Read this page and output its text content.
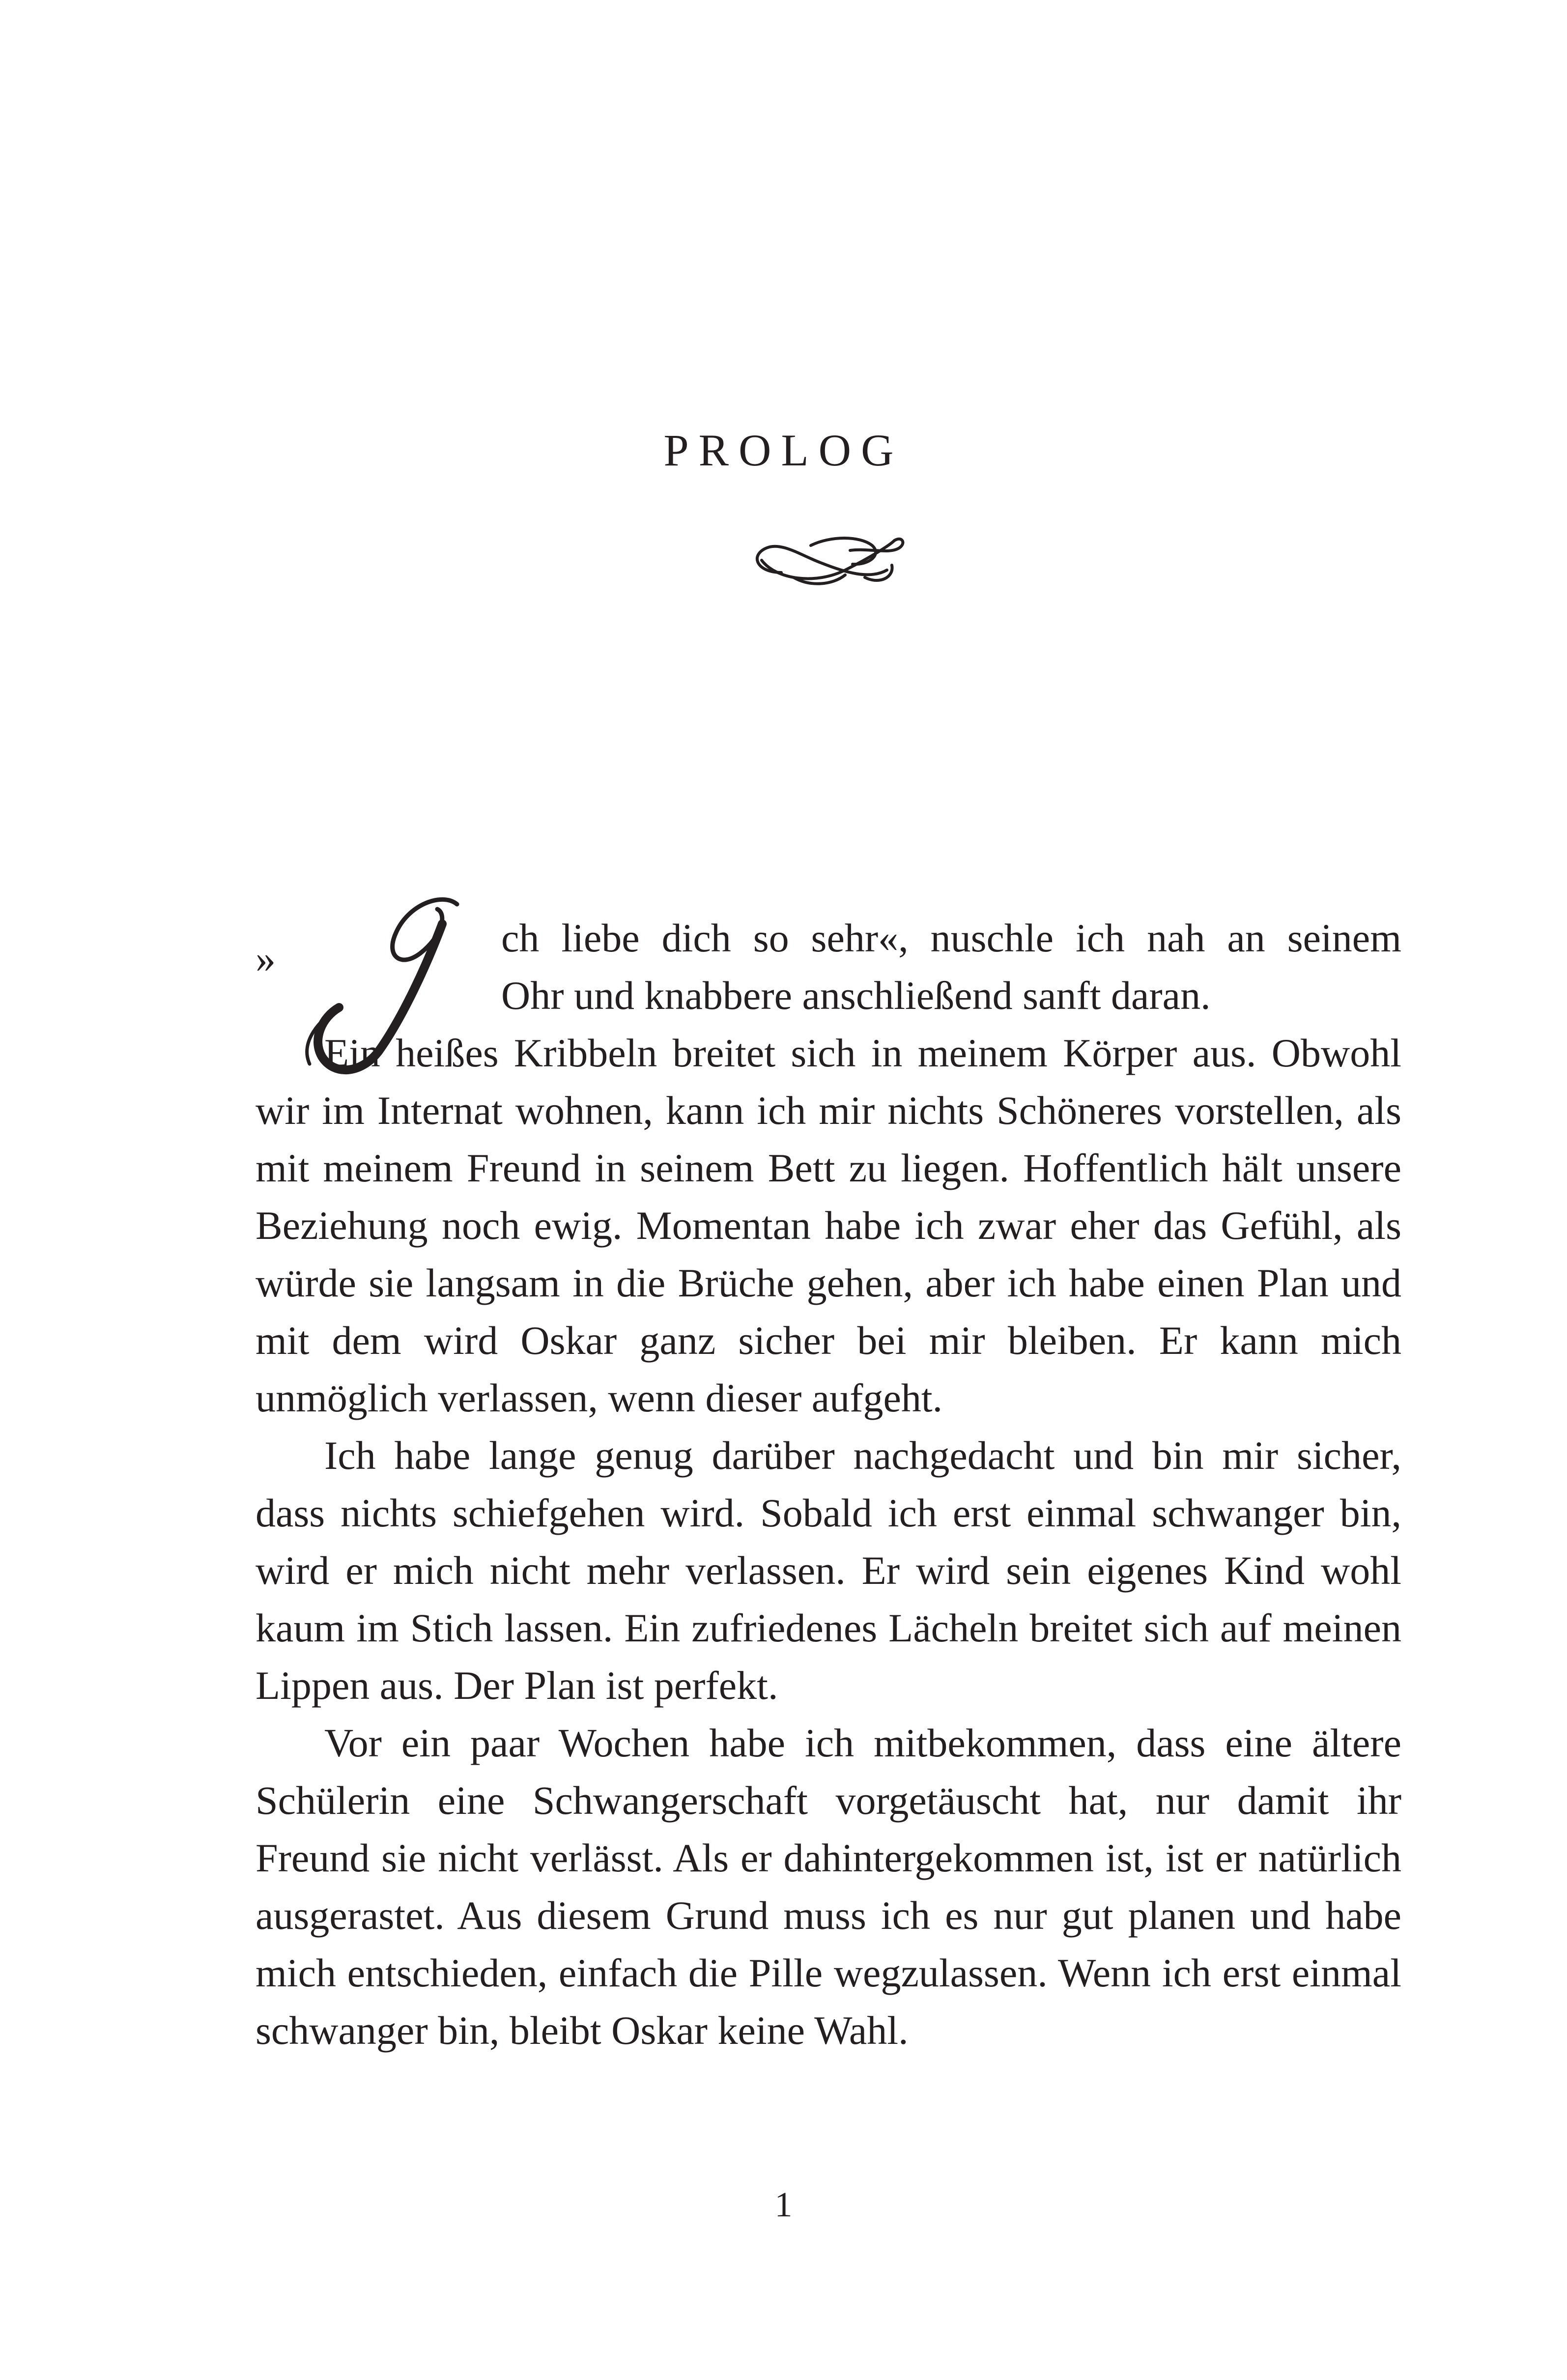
PROLOG
»	ch liebe dich so sehr«, nuschle ich nah an seinem
Ohr und knabbere anschließend sanft daran.

Ein heißes Kribbeln breitet sich in meinem Körper aus. Obwohl wir im Internat wohnen, kann ich mir nichts Schöneres vorstellen, als mit meinem Freund in seinem Bett zu liegen. Hoffentlich hält unsere Beziehung noch ewig. Momentan habe ich zwar eher das Gefühl, als würde sie langsam in die Brüche gehen, aber ich habe einen Plan und mit dem wird Oskar ganz sicher bei mir bleiben. Er kann mich unmöglich verlassen, wenn dieser aufgeht.

Ich habe lange genug darüber nachgedacht und bin mir sicher, dass nichts schiefgehen wird. Sobald ich erst einmal schwanger bin, wird er mich nicht mehr verlassen. Er wird sein eigenes Kind wohl kaum im Stich lassen. Ein zufriedenes Lächeln breitet sich auf meinen Lippen aus. Der Plan ist perfekt.

Vor ein paar Wochen habe ich mitbekommen, dass eine ältere Schülerin eine Schwangerschaft vorgetäuscht hat, nur damit ihr Freund sie nicht verlässt. Als er dahintergekommen ist, ist er natürlich ausgerastet. Aus diesem Grund muss ich es nur gut planen und habe mich entschieden, einfach die Pille wegzulassen. Wenn ich erst einmal schwanger bin, bleibt Oskar keine Wahl.

1
